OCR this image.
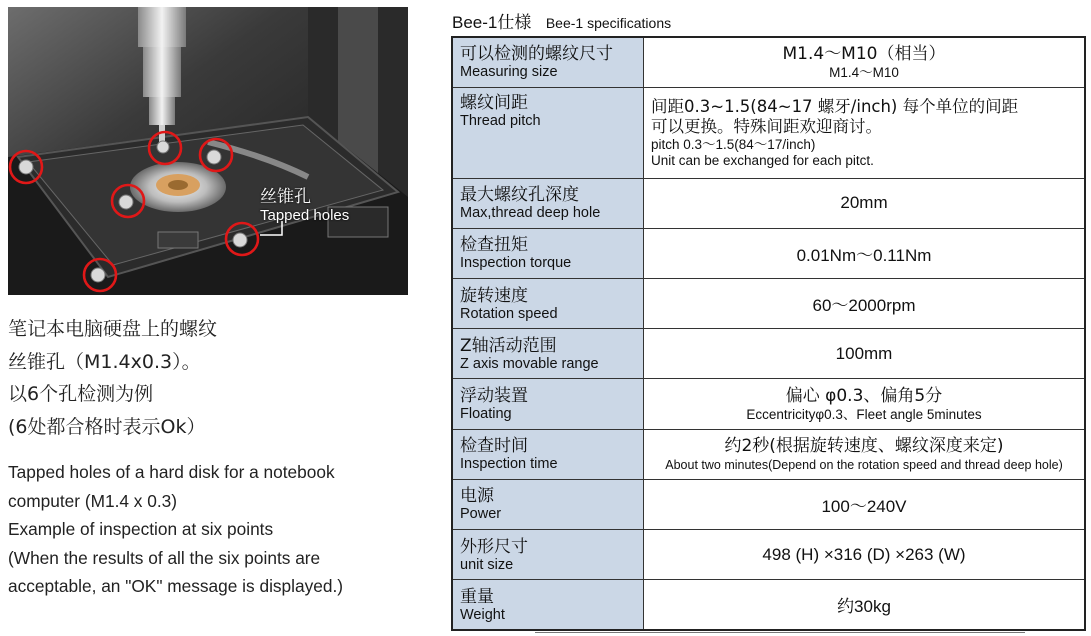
丝锥孔
Tapped holes
笔记本电脑硬盘上的螺纹
丝锥孔（M1.4x0.3）。
以6个孔检测为例
(6处都合格时表示Ok）
Tapped holes of a hard disk for a notebook
computer (M1.4 x 0.3)
Example of inspection at six points
(When the results of all the six points are
acceptable, an "OK" message is displayed.)
Bee-1仕様 Bee-1 specifications
可以检测的螺纹尺寸
Measuring size	M1.4～M10（相当）
M1.4～M10

螺纹间距
Thread pitch	间距0.3~1.5(84~17 螺牙/inch) 每个单位的间距
可以更换。特殊间距欢迎商讨。
pitch 0.3～1.5(84～17/inch)
Unit can be exchanged for each pitct.

最大螺纹孔深度
Max,thread deep hole	20mm

检查扭矩
Inspection torque	0.01Nm～0.11Nm

旋转速度
Rotation speed	60～2000rpm

Z轴活动范围
Z axis movable range	100mm

浮动装置
Floating	偏心 φ0.3、偏角5分
Eccentricityφ0.3、Fleet angle 5minutes

检查时间
Inspection time	约2秒(根据旋转速度、螺纹深度来定)
About two minutes(Depend on the rotation speed and thread deep hole)

电源
Power	100～240V

外形尺寸
unit size	498 (H) ×316 (D) ×263 (W)

重量
Weight	约30kg
